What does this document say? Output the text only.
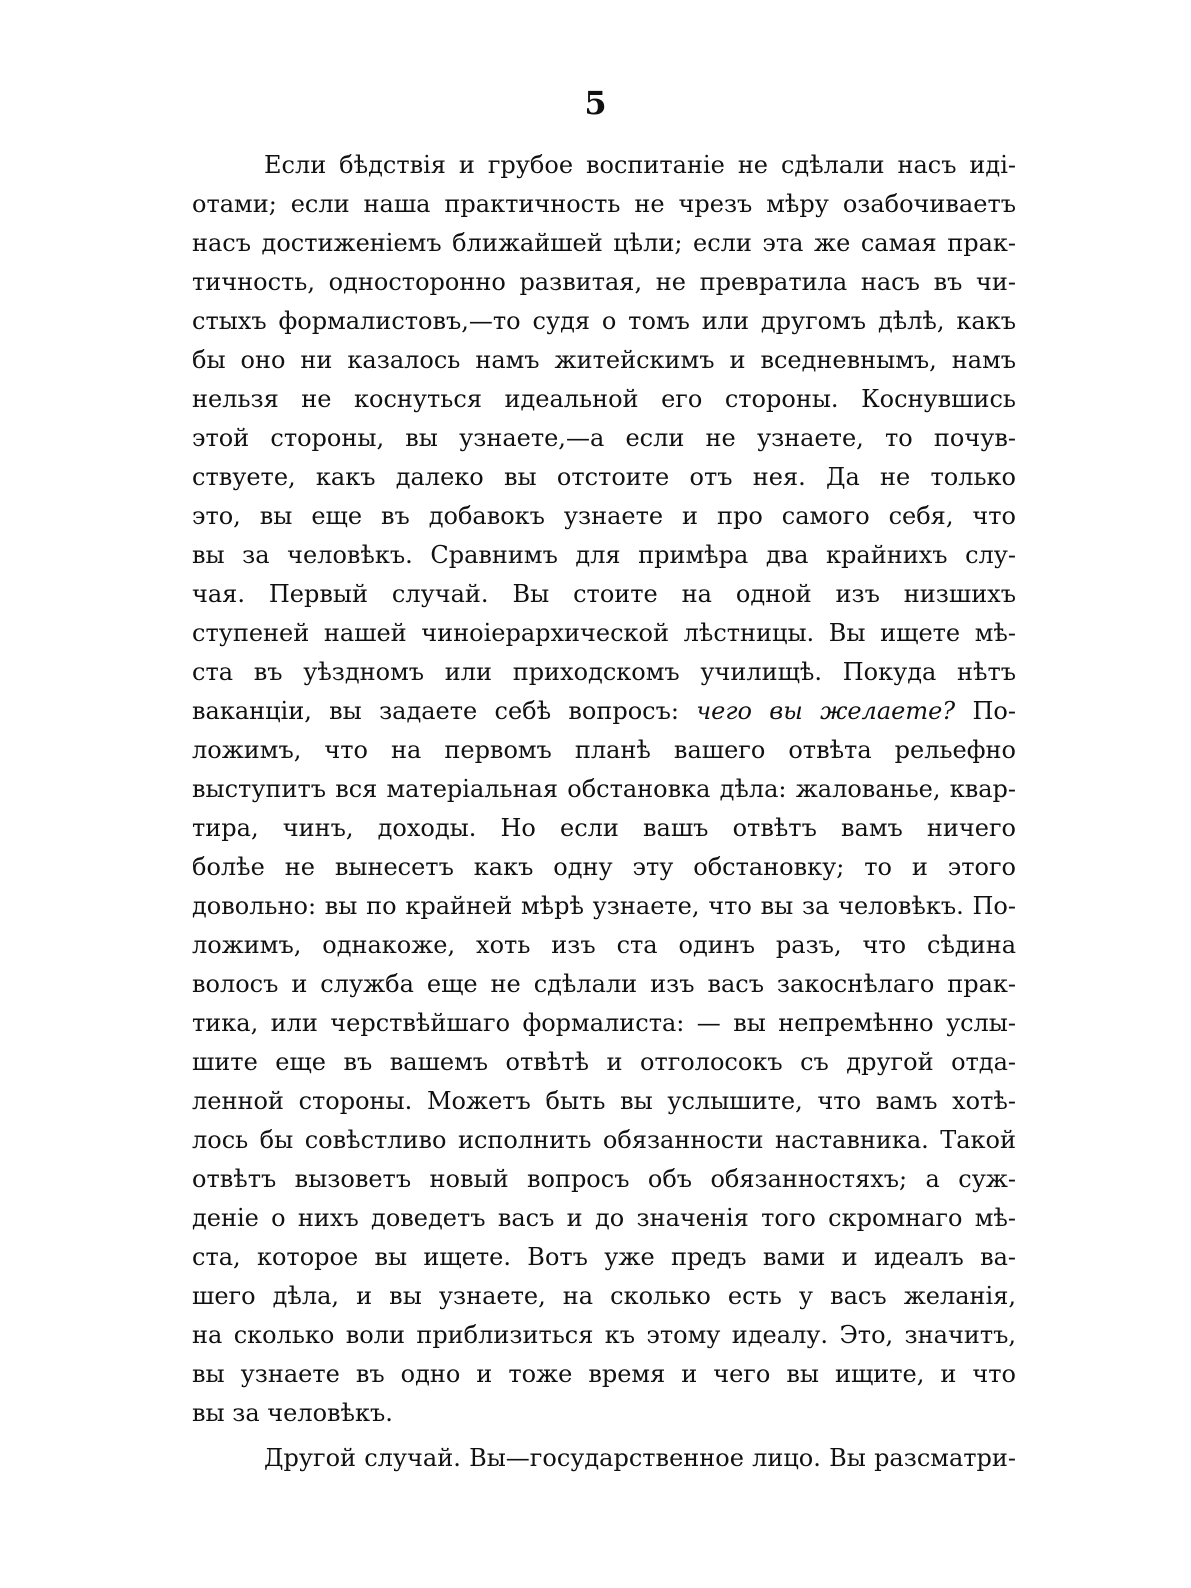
5
Если бѣдствія и грубое воспитаніе не сдѣлали насъ иді-
отами; если наша практичность не чрезъ мѣру озабочиваетъ
насъ достиженіемъ ближайшей цѣли; если эта же самая прак-
тичность, односторонно развитая, не превратила насъ въ чи-
стыхъ формалистовъ,—то судя о томъ или другомъ дѣлѣ, какъ
бы оно ни казалось намъ житейскимъ и вседневнымъ, намъ
нельзя не коснуться идеальной его стороны. Коснувшись
этой стороны, вы узнаете,—а если не узнаете, то почув-
ствуете, какъ далеко вы отстоите отъ нея. Да не только
это, вы еще въ добавокъ узнаете и про самого себя, что
вы за человѣкъ. Сравнимъ для примѣра два крайнихъ слу-
чая. Первый случай. Вы стоите на одной изъ низшихъ
ступеней нашей чиноіерархической лѣстницы. Вы ищете мѣ-
ста въ уѣздномъ или приходскомъ училищѣ. Покуда нѣтъ
ваканціи, вы задаете себѣ вопросъ: чего вы желаете? По-
ложимъ, что на первомъ планѣ вашего отвѣта рельефно
выступитъ вся матеріальная обстановка дѣла: жалованье, квар-
тира, чинъ, доходы. Но если вашъ отвѣтъ вамъ ничего
болѣе не вынесетъ какъ одну эту обстановку; то и этого
довольно: вы по крайней мѣрѣ узнаете, что вы за человѣкъ. По-
ложимъ, однакоже, хоть изъ ста одинъ разъ, что сѣдина
волосъ и служба еще не сдѣлали изъ васъ закоснѣлаго прак-
тика, или черствѣйшаго формалиста: — вы непремѣнно услы-
шите еще въ вашемъ отвѣтѣ и отголосокъ съ другой отда-
ленной стороны. Можетъ быть вы услышите, что вамъ хотѣ-
лось бы совѣстливо исполнить обязанности наставника. Такой
отвѣтъ вызоветъ новый вопросъ объ обязанностяхъ; а суж-
деніе о нихъ доведетъ васъ и до значенія того скромнаго мѣ-
ста, которое вы ищете. Вотъ уже предъ вами и идеалъ ва-
шего дѣла, и вы узнаете, на сколько есть у васъ желанія,
на сколько воли приблизиться къ этому идеалу. Это, значитъ,
вы узнаете въ одно и тоже время и чего вы ищите, и что
вы за человѣкъ.
Другой случай. Вы—государственное лицо. Вы разсматри-
